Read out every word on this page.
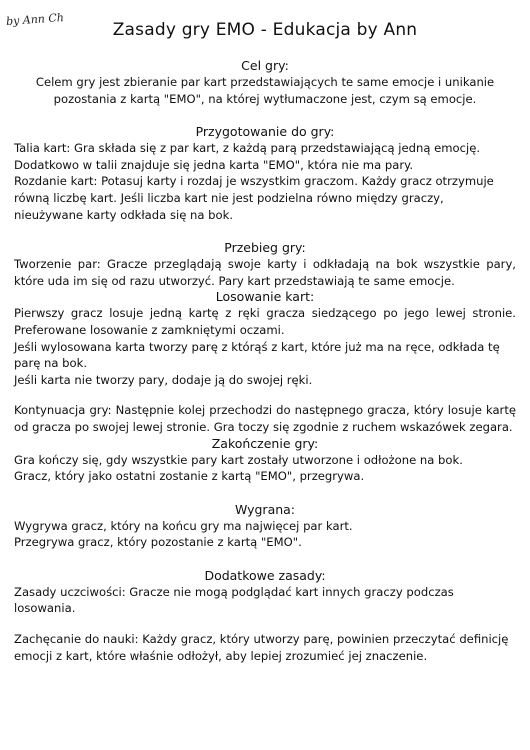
by Ann Ch
Zasady gry EMO - Edukacja by Ann
Cel gry:

Celem gry jest zbieranie par kart przedstawiających te same emocje i unikanie pozostania z kartą "EMO", na której wytłumaczone jest, czym są emocje.

Przygotowanie do gry:

Talia kart: Gra składa się z par kart, z każdą parą przedstawiającą jedną emocję. Dodatkowo w talii znajduje się jedna karta "EMO", która nie ma pary.

Rozdanie kart: Potasuj karty i rozdaj je wszystkim graczom. Każdy gracz otrzymuje równą liczbę kart. Jeśli liczba kart nie jest podzielna równo między graczy, nieużywane karty odkłada się na bok.

Przebieg gry:

Tworzenie par: Gracze przeglądają swoje karty i odkładają na bok wszystkie pary, które uda im się od razu utworzyć. Pary kart przedstawiają te same emocje.

Losowanie kart:

Pierwszy gracz losuje jedną kartę z ręki gracza siedzącego po jego lewej stronie. Preferowane losowanie z zamkniętymi oczami.

Jeśli wylosowana karta tworzy parę z którąś z kart, które już ma na ręce, odkłada tę parę na bok.

Jeśli karta nie tworzy pary, dodaje ją do swojej ręki.

Kontynuacja gry: Następnie kolej przechodzi do następnego gracza, który losuje kartę od gracza po swojej lewej stronie. Gra toczy się zgodnie z ruchem wskazówek zegara.

Zakończenie gry:

Gra kończy się, gdy wszystkie pary kart zostały utworzone i odłożone na bok.

Gracz, który jako ostatni zostanie z kartą "EMO", przegrywa.

Wygrana:

Wygrywa gracz, który na końcu gry ma najwięcej par kart.

Przegrywa gracz, który pozostanie z kartą "EMO".

Dodatkowe zasady:

Zasady uczciwości: Gracze nie mogą podglądać kart innych graczy podczas losowania.

Zachęcanie do nauki: Każdy gracz, który utworzy parę, powinien przeczytać definicję emocji z kart, które właśnie odłożył, aby lepiej zrozumieć jej znaczenie.
